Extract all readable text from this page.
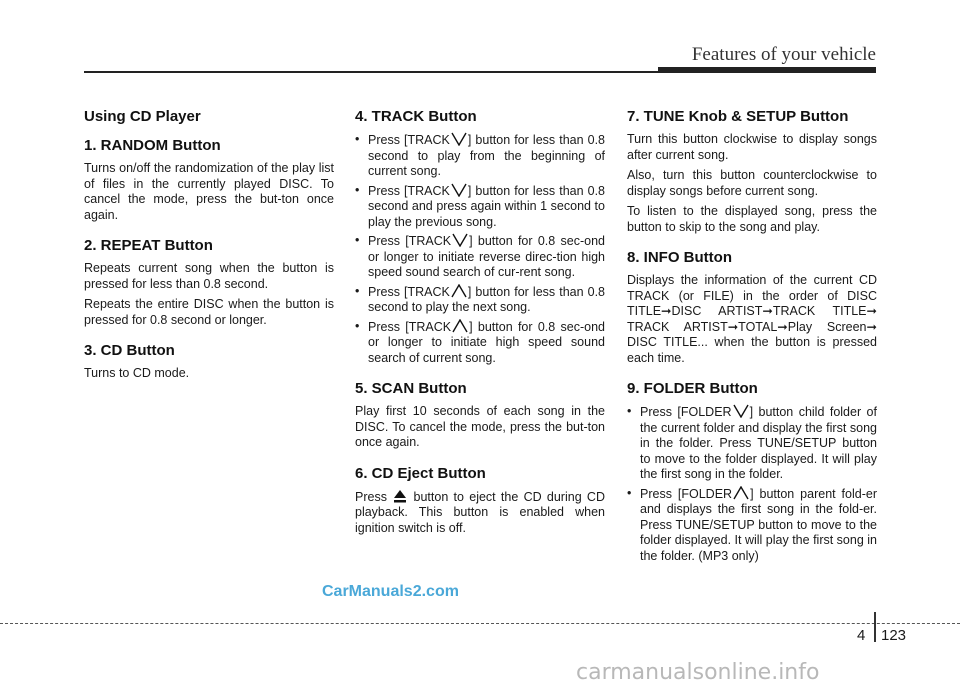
Features of your vehicle
Using CD Player
1. RANDOM Button

Turns on/off the randomization of the play list of files in the currently played DISC. To cancel the mode, press the but-ton once again.

2. REPEAT Button

Repeats current song when the button is pressed for less than 0.8 second.

Repeats the entire DISC when the button is pressed for 0.8 second or longer.

3. CD Button

Turns to CD mode.

4. TRACK Button
• Press [TRACK ] button for less than 0.8 second to play from the beginning of current song.
• Press [TRACK ] button for less than 0.8 second and press again within 1 second to play the previous song.
• Press [TRACK ] button for 0.8 sec-ond or longer to initiate reverse direc-tion high speed sound search of cur-rent song.
• Press [TRACK ] button for less than 0.8 second to play the next song.
• Press [TRACK ] button for 0.8 sec-ond or longer to initiate high speed sound search of current song.
5. SCAN Button

Play first 10 seconds of each song in the DISC. To cancel the mode, press the but-ton once again.

6. CD Eject Button

Press button to eject the CD during CD playback. This button is enabled when ignition switch is off.

7. TUNE Knob & SETUP Button

Turn this button clockwise to display songs after current song.

Also, turn this button counterclockwise to display songs before current song.

To listen to the displayed song, press the button to skip to the song and play.

8. INFO Button

Displays the information of the current CD TRACK (or FILE) in the order of DISC TITLE➞DISC ARTIST➞TRACK TITLE➞ TRACK ARTIST➞TOTAL➞Play Screen➞ DISC TITLE... when the button is pressed each time.

9. FOLDER Button
• Press [FOLDER ] button child folder of the current folder and display the first song in the folder. Press TUNE/SETUP button to move to the folder displayed. It will play the first song in the folder.
• Press [FOLDER ] button parent fold-er and displays the first song in the fold-er. Press TUNE/SETUP button to move to the folder displayed. It will play the first song in the folder. (MP3 only)
CarManuals2.com
4 123
carmanualsonline.info
